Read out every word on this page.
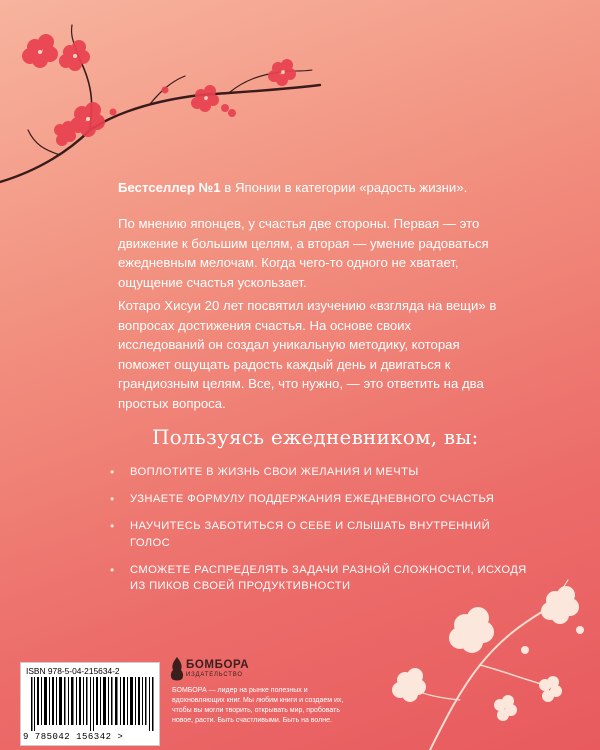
Бестселлер №1 в Японии в категории «радость жизни».

По мнению японцев, у счастья две стороны. Первая — это движение к большим целям, а вторая — умение радоваться ежедневным мелочам. Когда чего-то одного не хватает, ощущение счастья ускользает.

Котаро Хисуи 20 лет посвятил изучению «взгляда на вещи» в вопросах достижения счастья. На основе своих исследований он создал уникальную методику, которая поможет ощущать радость каждый день и двигаться к грандиозным целям. Все, что нужно, — это ответить на два простых вопроса.

Пользуясь ежедневником, вы:
• ВОПЛОТИТЕ В ЖИЗНЬ СВОИ ЖЕЛАНИЯ И МЕЧТЫ
• УЗНАЕТЕ ФОРМУЛУ ПОДДЕРЖАНИЯ ЕЖЕДНЕВНОГО СЧАСТЬЯ
• НАУЧИТЕСЬ ЗАБОТИТЬСЯ О СЕБЕ И СЛЫШАТЬ ВНУТРЕННИЙ ГОЛОС
• СМОЖЕТЕ РАСПРЕДЕЛЯТЬ ЗАДАЧИ РАЗНОЙ СЛОЖНОСТИ, ИСХОДЯ ИЗ ПИКОВ СВОЕЙ ПРОДУКТИВНОСТИ
ISBN 978-5-04-215634-2
9 785042 156342 >
БОМБОРА
ИЗДАТЕЛЬСТВО
БОМБОРА — лидер на рынке полезных и вдохновляющих книг. Мы любим книги и создаем их, чтобы вы могли творить, открывать мир, пробовать новое, расти. Быть счастливыми. Быть на волне.
